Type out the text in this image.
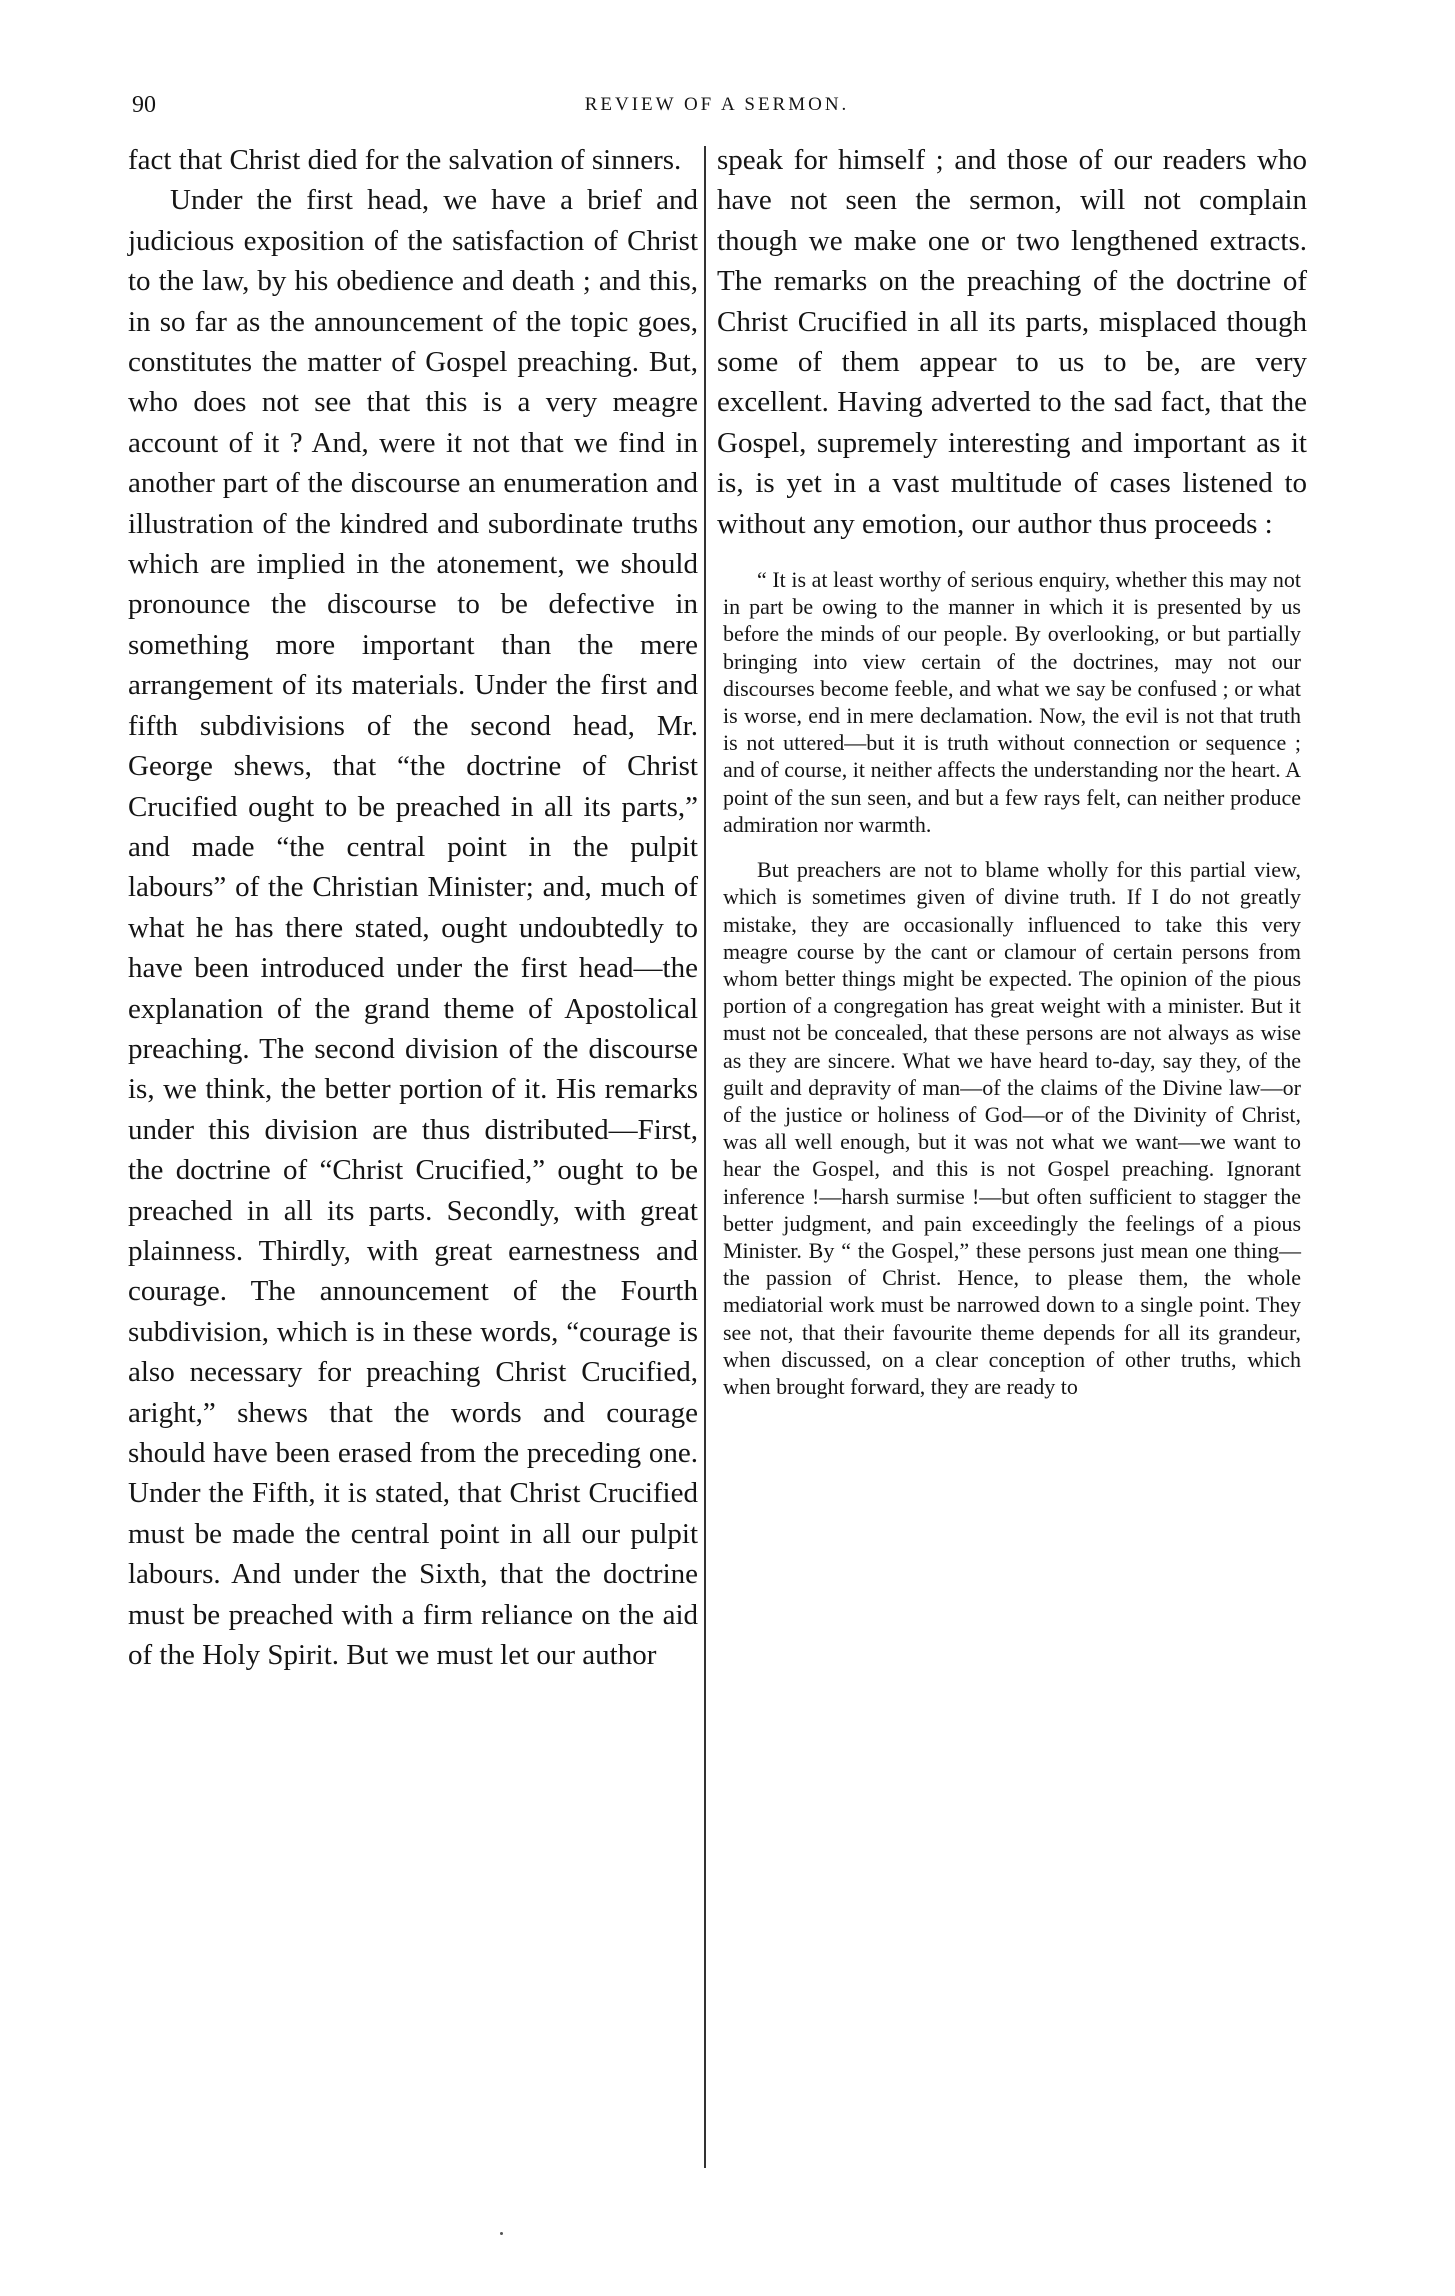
90	REVIEW OF A SERMON.

fact that Christ died for the salvation of sinners.

Under the first head, we have a brief and judicious exposition of the satisfaction of Christ to the law, by his obedience and death ; and this, in so far as the announcement of the topic goes, constitutes the matter of Gospel preaching. But, who does not see that this is a very meagre account of it ? And, were it not that we find in another part of the discourse an enumeration and illustration of the kindred and subordinate truths which are implied in the atonement, we should pronounce the discourse to be defective in something more important than the mere arrangement of its materials. Under the first and fifth subdivisions of the second head, Mr. George shews, that “the doctrine of Christ Crucified ought to be preached in all its parts,” and made “the central point in the pulpit labours” of the Christian Minister; and, much of what he has there stated, ought undoubtedly to have been introduced under the first head—the explanation of the grand theme of Apostolical preaching. The second division of the discourse is, we think, the better portion of it. His remarks under this division are thus distributed—First, the doctrine of “Christ Crucified,” ought to be preached in all its parts. Secondly, with great plainness. Thirdly, with great earnestness and courage. The announcement of the Fourth subdivision, which is in these words, “courage is also necessary for preaching Christ Crucified, aright,” shews that the words and courage should have been erased from the preceding one. Under the Fifth, it is stated, that Christ Crucified must be made the central point in all our pulpit labours. And under the Sixth, that the doctrine must be preached with a firm reliance on the aid of the Holy Spirit. But we must let our author

speak for himself ; and those of our readers who have not seen the sermon, will not complain though we make one or two lengthened extracts. The remarks on the preaching of the doctrine of Christ Crucified in all its parts, misplaced though some of them appear to us to be, are very excellent. Having adverted to the sad fact, that the Gospel, supremely interesting and important as it is, is yet in a vast multitude of cases listened to without any emotion, our author thus proceeds :

“ It is at least worthy of serious enquiry, whether this may not in part be owing to the manner in which it is presented by us before the minds of our people. By overlooking, or but partially bringing into view certain of the doctrines, may not our discourses become feeble, and what we say be confused ; or what is worse, end in mere declamation. Now, the evil is not that truth is not uttered—but it is truth without connection or sequence ; and of course, it neither affects the understanding nor the heart. A point of the sun seen, and but a few rays felt, can neither produce admiration nor warmth.

But preachers are not to blame wholly for this partial view, which is sometimes given of divine truth. If I do not greatly mistake, they are occasionally influenced to take this very meagre course by the cant or clamour of certain persons from whom better things might be expected. The opinion of the pious portion of a congregation has great weight with a minister. But it must not be concealed, that these persons are not always as wise as they are sincere. What we have heard to-day, say they, of the guilt and depravity of man—of the claims of the Divine law—or of the justice or holiness of God—or of the Divinity of Christ, was all well enough, but it was not what we want—we want to hear the Gospel, and this is not Gospel preaching. Ignorant inference !—harsh surmise !—but often sufficient to stagger the better judgment, and pain exceedingly the feelings of a pious Minister. By “ the Gospel,” these persons just mean one thing—the passion of Christ. Hence, to please them, the whole mediatorial work must be narrowed down to a single point. They see not, that their favourite theme depends for all its grandeur, when discussed, on a clear conception of other truths, which when brought forward, they are ready to
